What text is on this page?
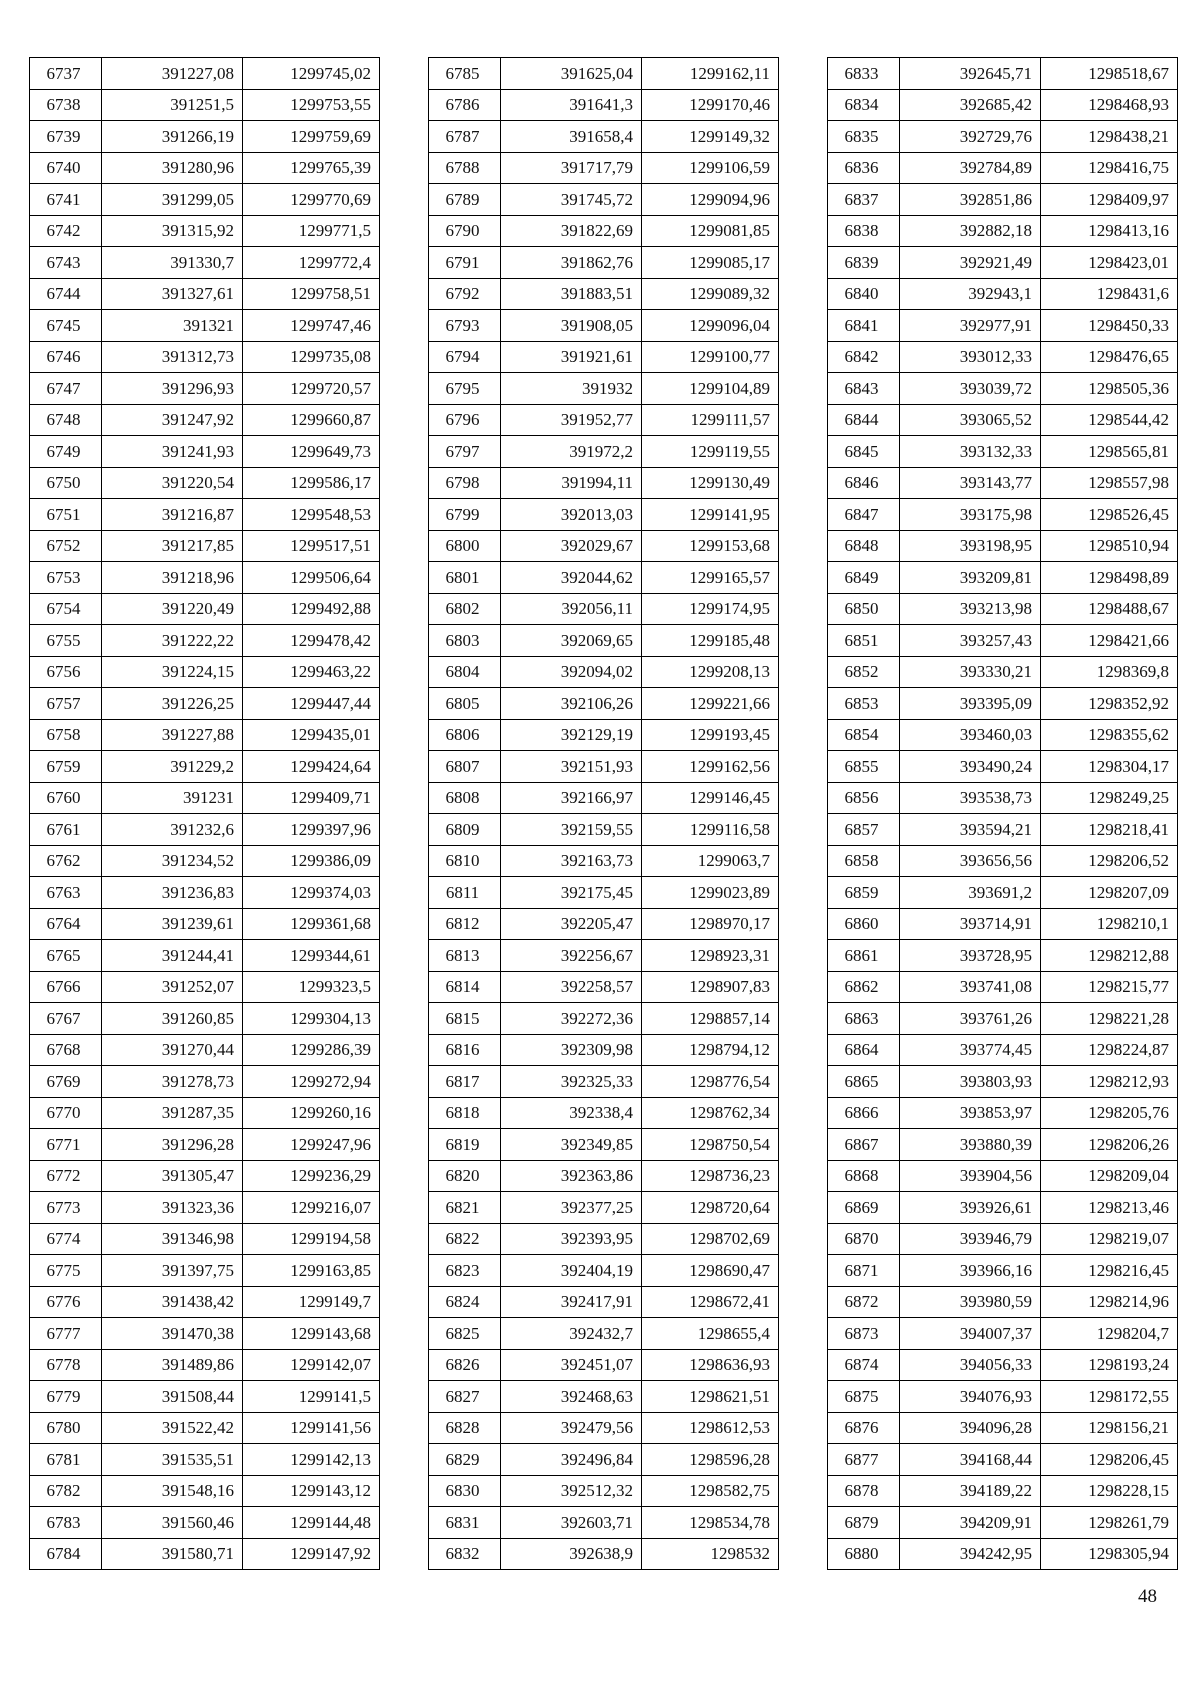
6737	391227,08	1299745,02
6738	391251,5	1299753,55
6739	391266,19	1299759,69
6740	391280,96	1299765,39
6741	391299,05	1299770,69
6742	391315,92	1299771,5
6743	391330,7	1299772,4
6744	391327,61	1299758,51
6745	391321	1299747,46
6746	391312,73	1299735,08
6747	391296,93	1299720,57
6748	391247,92	1299660,87
6749	391241,93	1299649,73
6750	391220,54	1299586,17
6751	391216,87	1299548,53
6752	391217,85	1299517,51
6753	391218,96	1299506,64
6754	391220,49	1299492,88
6755	391222,22	1299478,42
6756	391224,15	1299463,22
6757	391226,25	1299447,44
6758	391227,88	1299435,01
6759	391229,2	1299424,64
6760	391231	1299409,71
6761	391232,6	1299397,96
6762	391234,52	1299386,09
6763	391236,83	1299374,03
6764	391239,61	1299361,68
6765	391244,41	1299344,61
6766	391252,07	1299323,5
6767	391260,85	1299304,13
6768	391270,44	1299286,39
6769	391278,73	1299272,94
6770	391287,35	1299260,16
6771	391296,28	1299247,96
6772	391305,47	1299236,29
6773	391323,36	1299216,07
6774	391346,98	1299194,58
6775	391397,75	1299163,85
6776	391438,42	1299149,7
6777	391470,38	1299143,68
6778	391489,86	1299142,07
6779	391508,44	1299141,5
6780	391522,42	1299141,56
6781	391535,51	1299142,13
6782	391548,16	1299143,12
6783	391560,46	1299144,48
6784	391580,71	1299147,92
6785	391625,04	1299162,11
6786	391641,3	1299170,46
6787	391658,4	1299149,32
6788	391717,79	1299106,59
6789	391745,72	1299094,96
6790	391822,69	1299081,85
6791	391862,76	1299085,17
6792	391883,51	1299089,32
6793	391908,05	1299096,04
6794	391921,61	1299100,77
6795	391932	1299104,89
6796	391952,77	1299111,57
6797	391972,2	1299119,55
6798	391994,11	1299130,49
6799	392013,03	1299141,95
6800	392029,67	1299153,68
6801	392044,62	1299165,57
6802	392056,11	1299174,95
6803	392069,65	1299185,48
6804	392094,02	1299208,13
6805	392106,26	1299221,66
6806	392129,19	1299193,45
6807	392151,93	1299162,56
6808	392166,97	1299146,45
6809	392159,55	1299116,58
6810	392163,73	1299063,7
6811	392175,45	1299023,89
6812	392205,47	1298970,17
6813	392256,67	1298923,31
6814	392258,57	1298907,83
6815	392272,36	1298857,14
6816	392309,98	1298794,12
6817	392325,33	1298776,54
6818	392338,4	1298762,34
6819	392349,85	1298750,54
6820	392363,86	1298736,23
6821	392377,25	1298720,64
6822	392393,95	1298702,69
6823	392404,19	1298690,47
6824	392417,91	1298672,41
6825	392432,7	1298655,4
6826	392451,07	1298636,93
6827	392468,63	1298621,51
6828	392479,56	1298612,53
6829	392496,84	1298596,28
6830	392512,32	1298582,75
6831	392603,71	1298534,78
6832	392638,9	1298532
6833	392645,71	1298518,67
6834	392685,42	1298468,93
6835	392729,76	1298438,21
6836	392784,89	1298416,75
6837	392851,86	1298409,97
6838	392882,18	1298413,16
6839	392921,49	1298423,01
6840	392943,1	1298431,6
6841	392977,91	1298450,33
6842	393012,33	1298476,65
6843	393039,72	1298505,36
6844	393065,52	1298544,42
6845	393132,33	1298565,81
6846	393143,77	1298557,98
6847	393175,98	1298526,45
6848	393198,95	1298510,94
6849	393209,81	1298498,89
6850	393213,98	1298488,67
6851	393257,43	1298421,66
6852	393330,21	1298369,8
6853	393395,09	1298352,92
6854	393460,03	1298355,62
6855	393490,24	1298304,17
6856	393538,73	1298249,25
6857	393594,21	1298218,41
6858	393656,56	1298206,52
6859	393691,2	1298207,09
6860	393714,91	1298210,1
6861	393728,95	1298212,88
6862	393741,08	1298215,77
6863	393761,26	1298221,28
6864	393774,45	1298224,87
6865	393803,93	1298212,93
6866	393853,97	1298205,76
6867	393880,39	1298206,26
6868	393904,56	1298209,04
6869	393926,61	1298213,46
6870	393946,79	1298219,07
6871	393966,16	1298216,45
6872	393980,59	1298214,96
6873	394007,37	1298204,7
6874	394056,33	1298193,24
6875	394076,93	1298172,55
6876	394096,28	1298156,21
6877	394168,44	1298206,45
6878	394189,22	1298228,15
6879	394209,91	1298261,79
6880	394242,95	1298305,94
48
